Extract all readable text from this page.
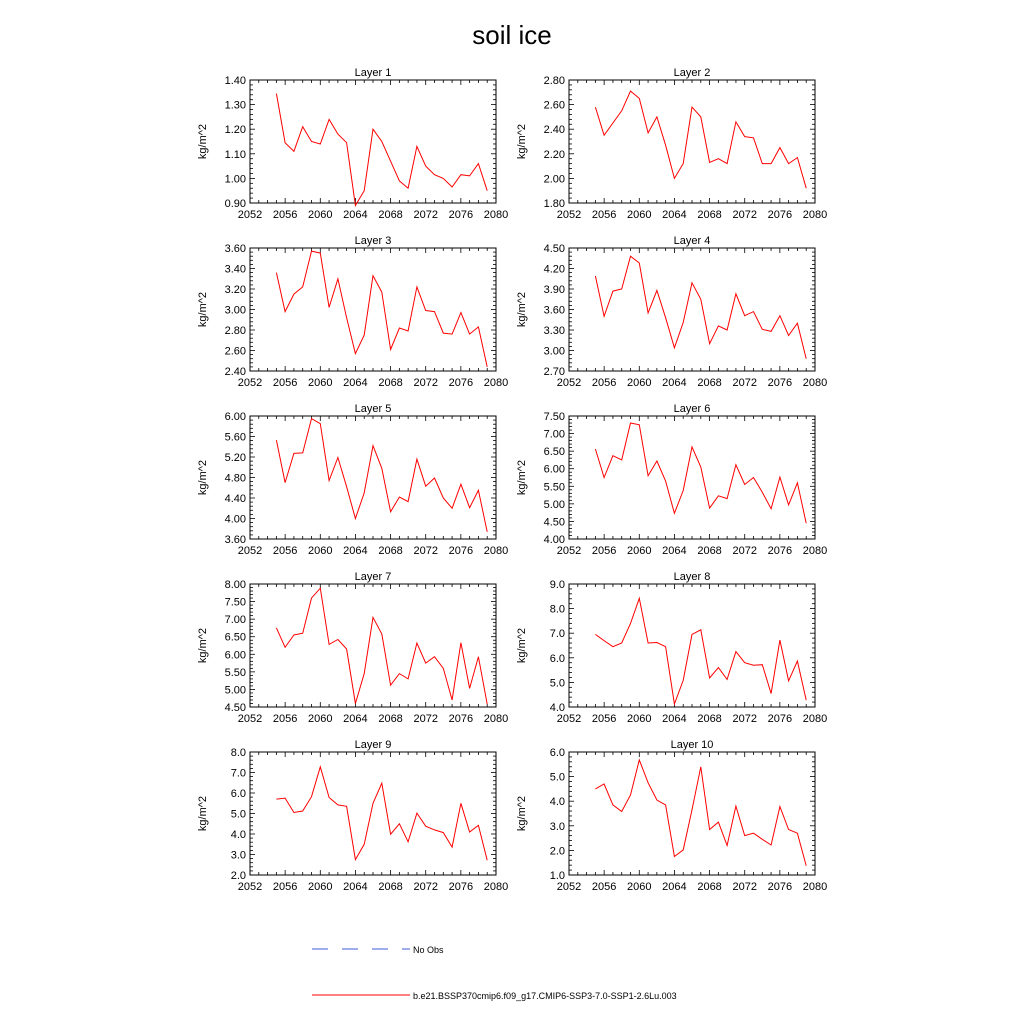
soil ice
Layer 1
kg/m^2
2052 2056 2060 2064 2068 2072 2076 2080
0.90
1.00
1.10
1.20
1.30
1.40
Layer 2
kg/m^2
2052 2056 2060 2064 2068 2072 2076 2080
1.80
2.00
2.20
2.40
2.60
2.80
Layer 3
kg/m^2
2052 2056 2060 2064 2068 2072 2076 2080
2.40
2.60
2.80
3.00
3.20
3.40
3.60
Layer 4
kg/m^2
2052 2056 2060 2064 2068 2072 2076 2080
2.70
3.00
3.30
3.60
3.90
4.20
4.50
Layer 5
kg/m^2
2052 2056 2060 2064 2068 2072 2076 2080
3.60
4.00
4.40
4.80
5.20
5.60
6.00
Layer 6
kg/m^2
2052 2056 2060 2064 2068 2072 2076 2080
4.00
4.50
5.00
5.50
6.00
6.50
7.00
7.50
Layer 7
kg/m^2
2052 2056 2060 2064 2068 2072 2076 2080
4.50
5.00
5.50
6.00
6.50
7.00
7.50
8.00
Layer 8
kg/m^2
2052 2056 2060 2064 2068 2072 2076 2080
4.0
5.0
6.0
7.0
8.0
9.0
Layer 9
kg/m^2
2052 2056 2060 2064 2068 2072 2076 2080
2.0
3.0
4.0
5.0
6.0
7.0
8.0
Layer 10
kg/m^2
2052 2056 2060 2064 2068 2072 2076 2080
1.0
2.0
3.0
4.0
5.0
6.0
No Obs
b.e21.BSSP370cmip6.f09_g17.CMIP6-SSP3-7.0-SSP1-2.6Lu.003
